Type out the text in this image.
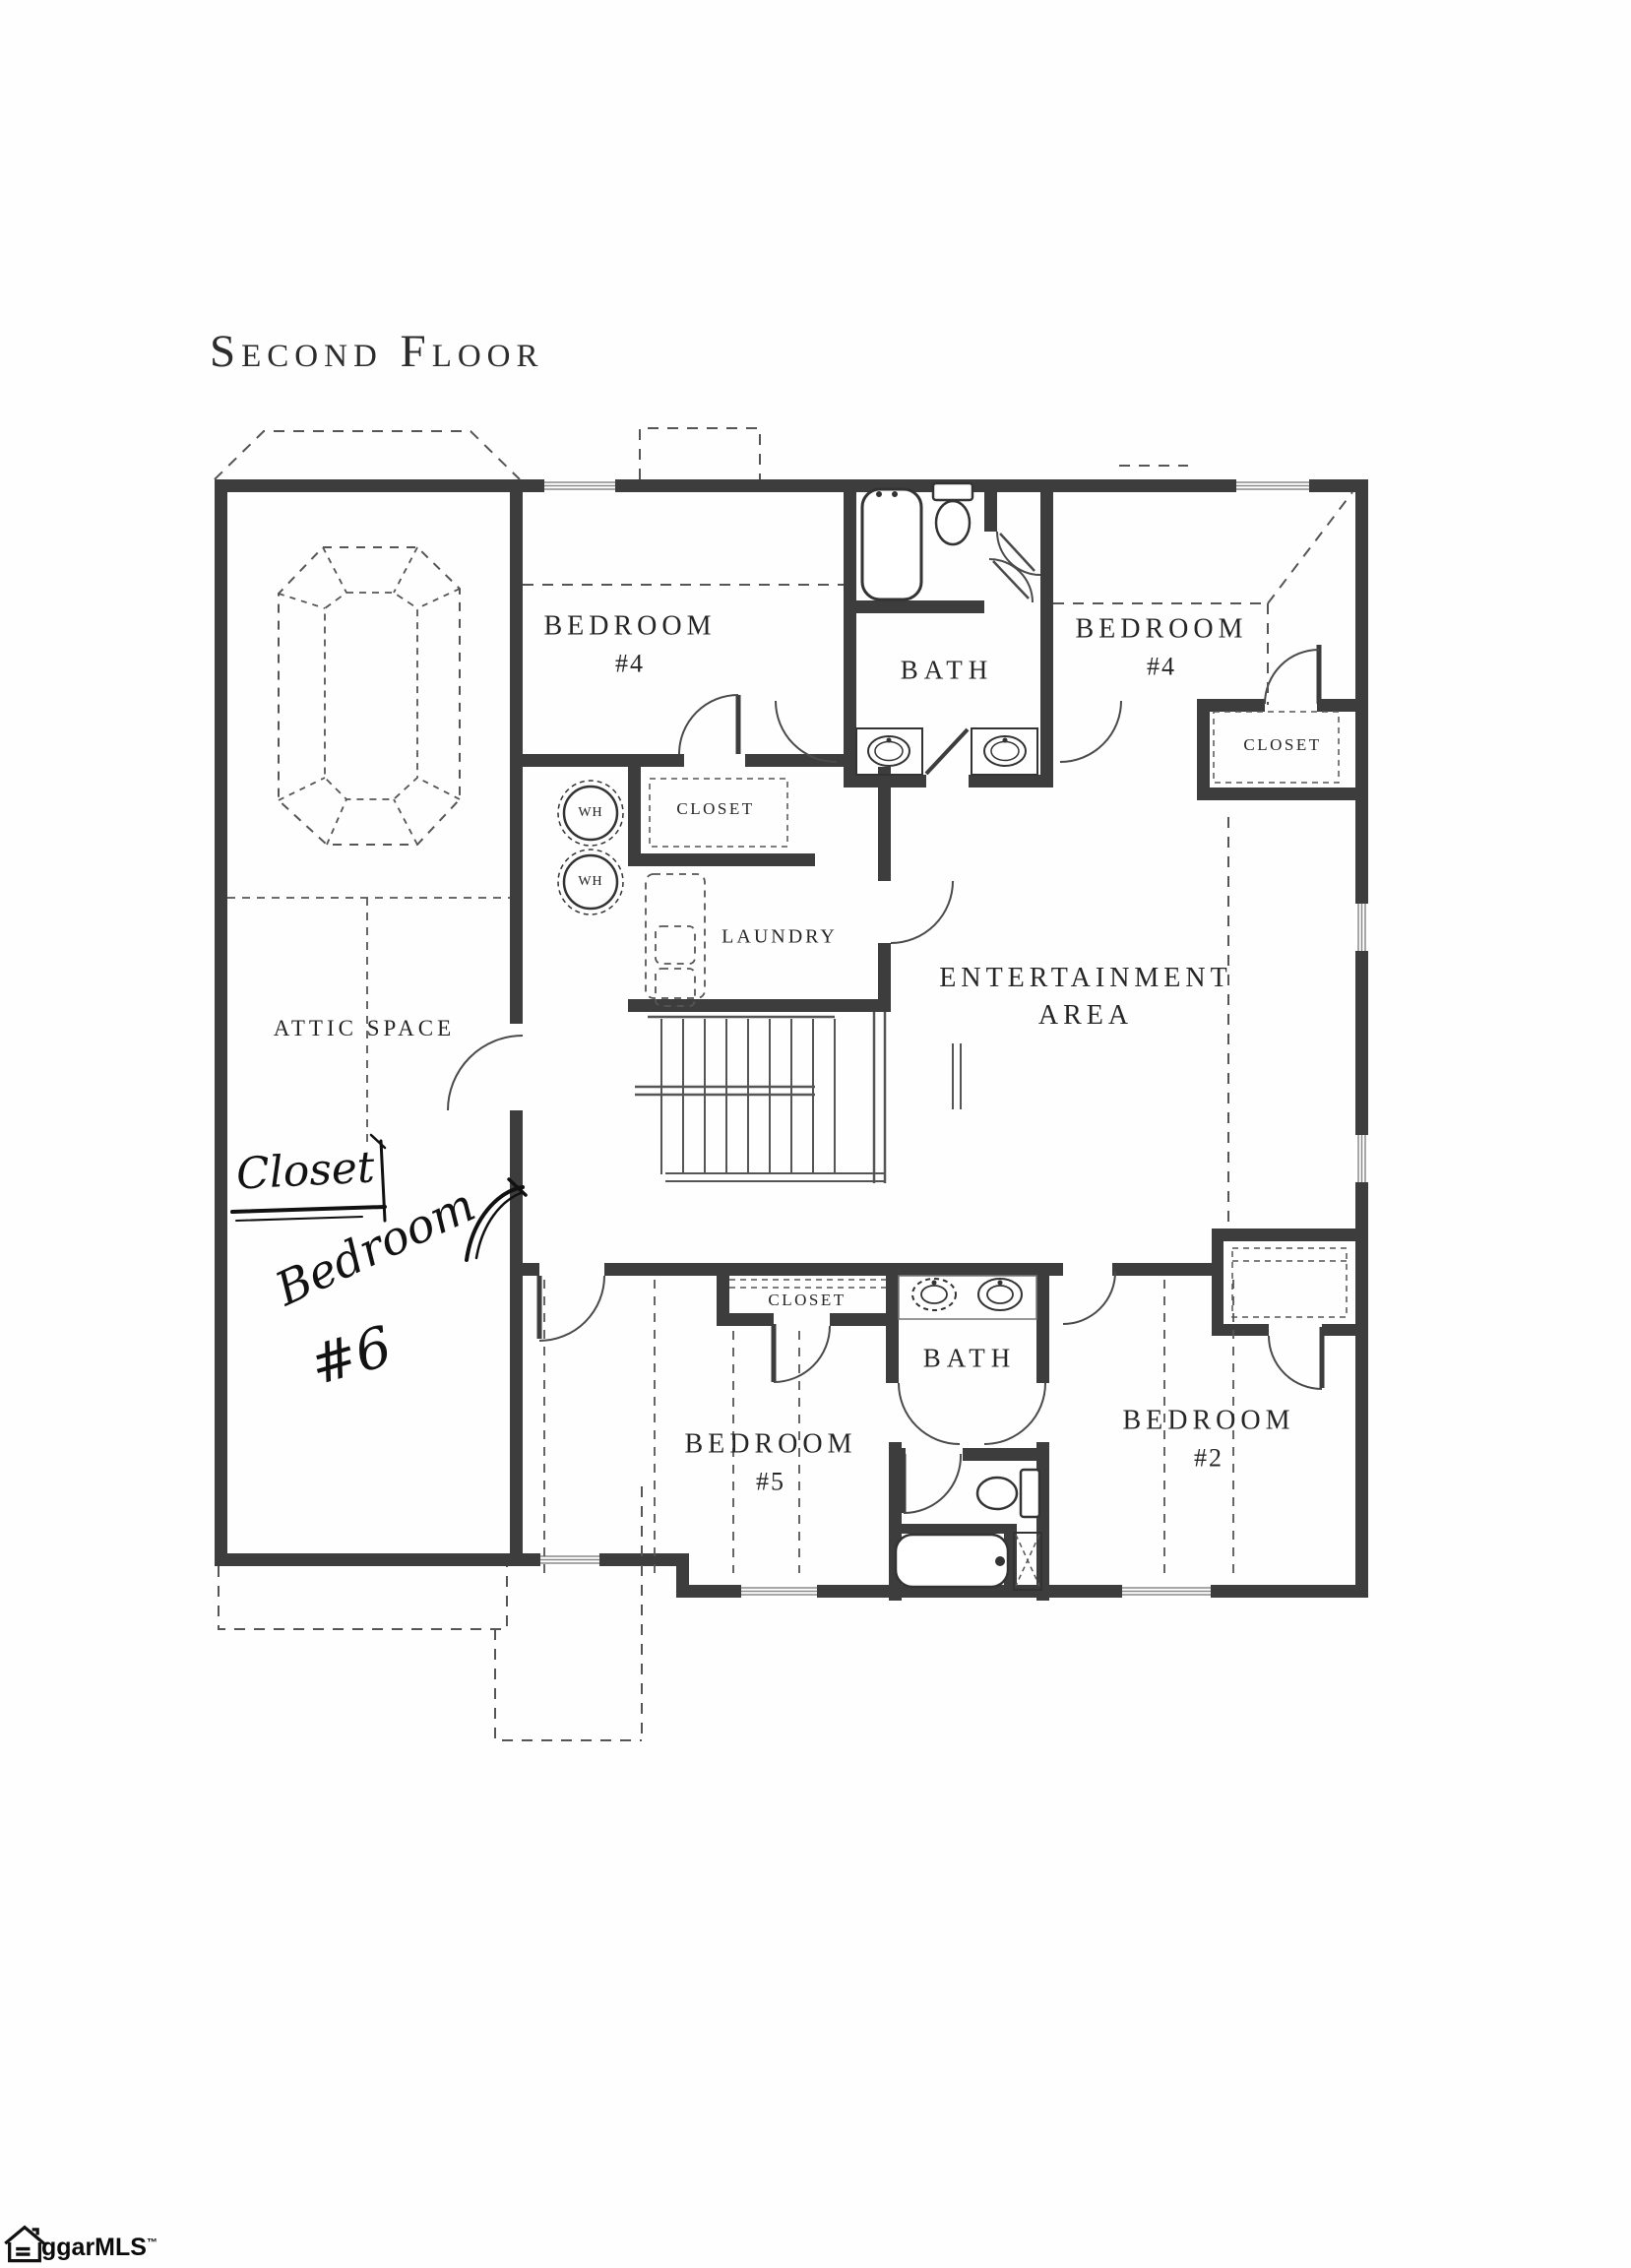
Second Floor
BEDROOM
#4	BATH
BEDROOM
#4
CLOSET
CLOSET
LAUNDRY
ATTIC SPACE
ENTERTAINMENT
AREA
CLOSET
BATH
BEDROOM
#5
BEDROOM
#2
WH
WH
Closet
Bedroom
#6
ggarMLS™
